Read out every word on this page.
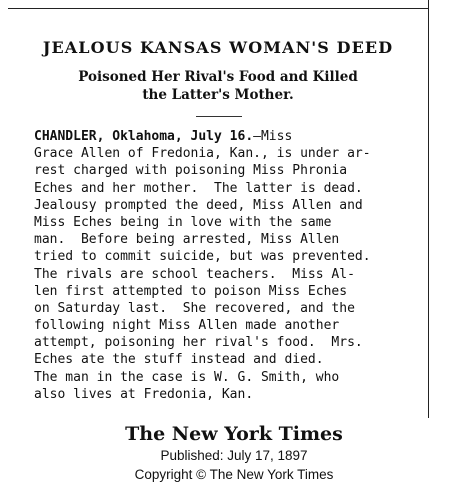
JEALOUS KANSAS WOMAN'S DEED
Poisoned Her Rival's Food and Killed
the Latter's Mother.
CHANDLER, Oklahoma, July 16.—Miss
Grace Allen of Fredonia, Kan., is under ar-
rest charged with poisoning Miss Phronia
Eches and her mother.  The latter is dead.
Jealousy prompted the deed, Miss Allen and
Miss Eches being in love with the same
man.  Before being arrested, Miss Allen
tried to commit suicide, but was prevented.
The rivals are school teachers.  Miss Al-
len first attempted to poison Miss Eches
on Saturday last.  She recovered, and the
following night Miss Allen made another
attempt, poisoning her rival's food.  Mrs.
Eches ate the stuff instead and died.
The man in the case is W. G. Smith, who
also lives at Fredonia, Kan.
The New York Times
Published: July 17, 1897
Copyright © The New York Times
